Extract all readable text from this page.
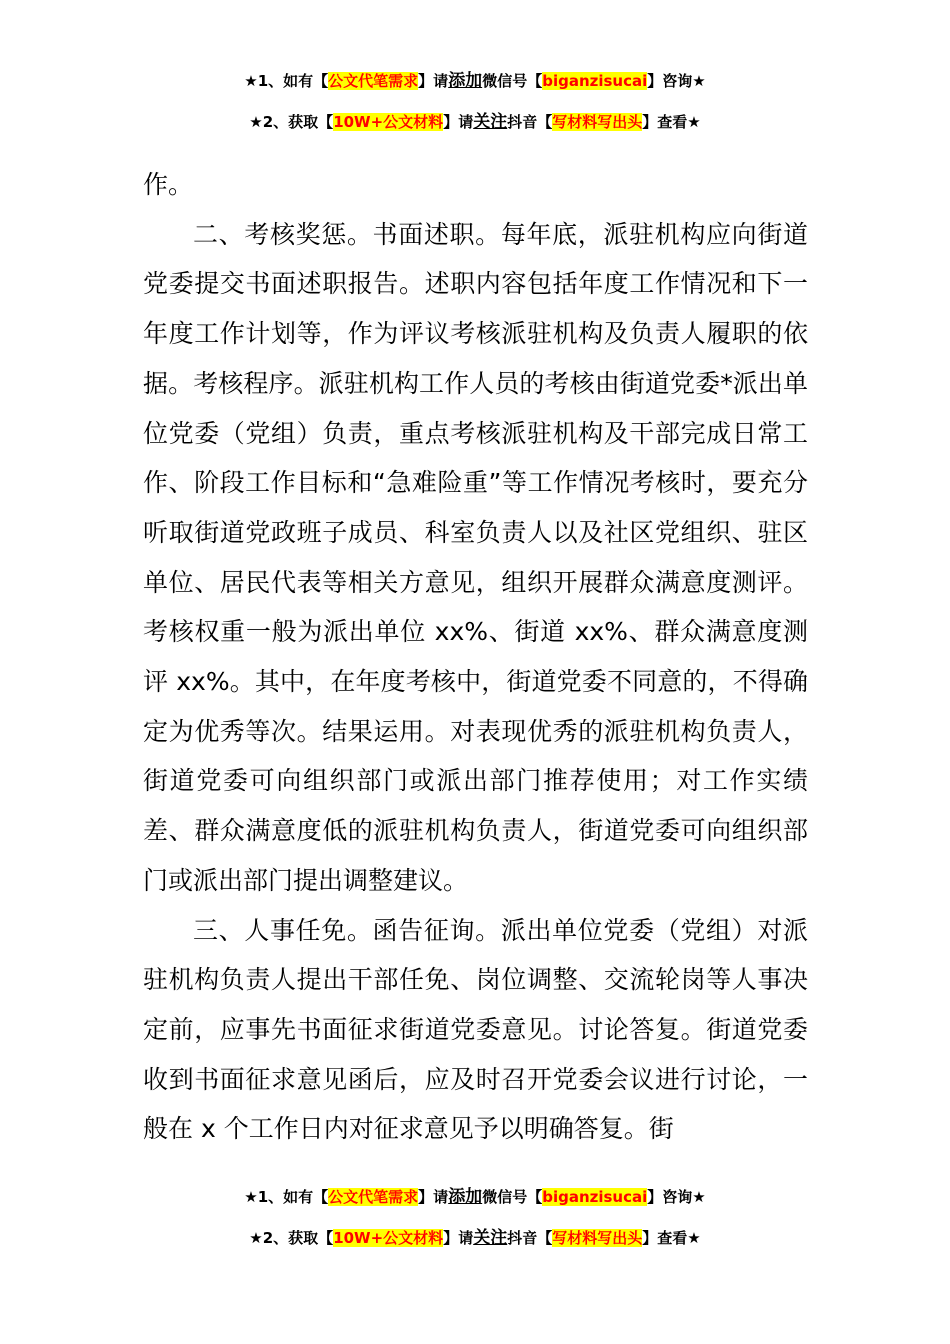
★1、如有【公文代笔需求】请添加微信号【biganzisucai】咨询★
★2、获取【10W+公文材料】请关注抖音【写材料写出头】查看★

作。

二、考核奖惩。书面述职。每年底，派驻机构应向街道党委提交书面述职报告。述职内容包括年度工作情况和下一年度工作计划等，作为评议考核派驻机构及负责人履职的依据。考核程序。派驻机构工作人员的考核由街道党委*派出单位党委（党组）负责，重点考核派驻机构及干部完成日常工作、阶段工作目标和“急难险重”等工作情况考核时，要充分听取街道党政班子成员、科室负责人以及社区党组织、驻区单位、居民代表等相关方意见，组织开展群众满意度测评。考核权重一般为派出单位 xx%、街道 xx%、群众满意度测评 xx%。其中，在年度考核中，街道党委不同意的，不得确定为优秀等次。结果运用。对表现优秀的派驻机构负责人，街道党委可向组织部门或派出部门推荐使用；对工作实绩差、群众满意度低的派驻机构负责人，街道党委可向组织部门或派出部门提出调整建议。

三、人事任免。函告征询。派出单位党委（党组）对派驻机构负责人提出干部任免、岗位调整、交流轮岗等人事决定前，应事先书面征求街道党委意见。讨论答复。街道党委收到书面征求意见函后，应及时召开党委会议进行讨论，一般在 x 个工作日内对征求意见予以明确答复。街

★1、如有【公文代笔需求】请添加微信号【biganzisucai】咨询★
★2、获取【10W+公文材料】请关注抖音【写材料写出头】查看★
